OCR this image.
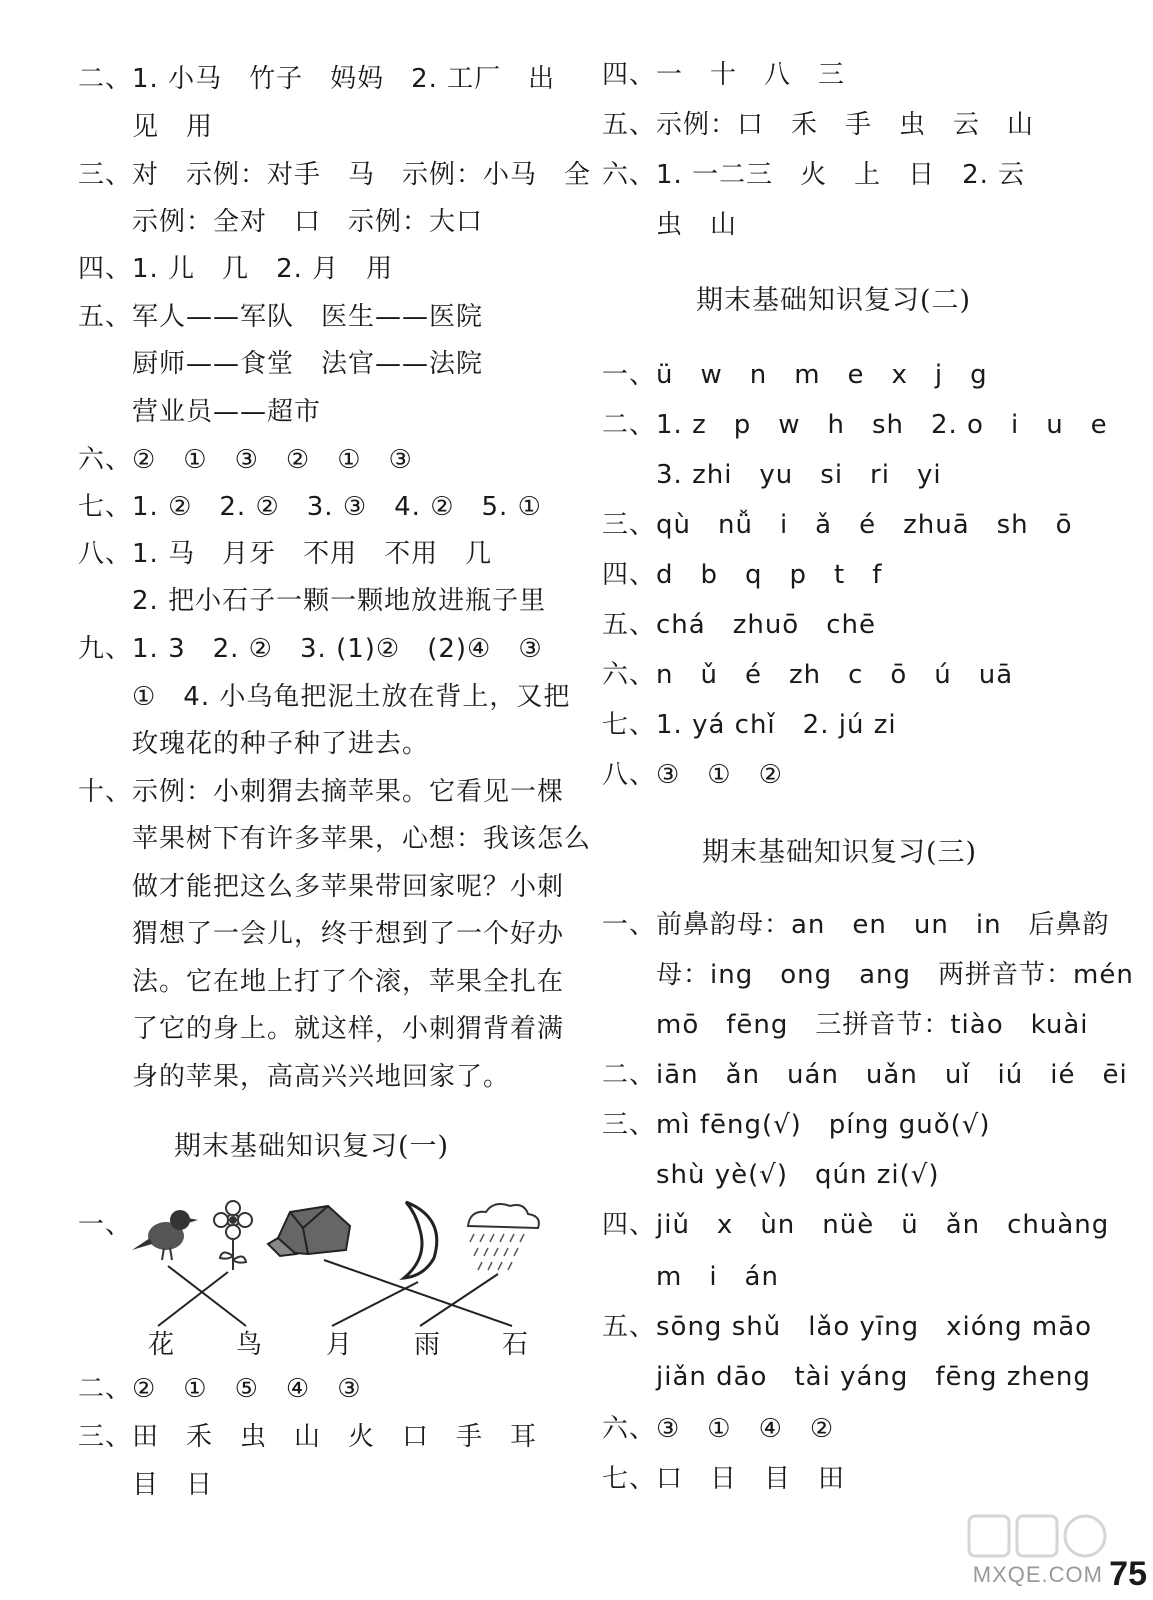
二、1. 小马　竹子　妈妈　2. 工厂　出
　　见　用
三、对　示例：对手　马　示例：小马　全
　　示例：全对　口　示例：大口
四、1. 儿　几　2. 月　用
五、军人——军队　医生——医院
　　厨师——食堂　法官——法院
　　营业员——超市
六、②　①　③　②　①　③
七、1. ②　2. ②　3. ③　4. ②　5. ①
八、1. 马　月牙　不用　不用　几
　　2. 把小石子一颗一颗地放进瓶子里
九、1. 3　2. ②　3. (1)②　(2)④　③
　　①　4. 小乌龟把泥土放在背上，又把
　　玫瑰花的种子种了进去。
十、示例：小刺猬去摘苹果。它看见一棵
　　苹果树下有许多苹果，心想：我该怎么
　　做才能把这么多苹果带回家呢？小刺
　　猬想了一会儿，终于想到了一个好办
　　法。它在地上打了个滚，苹果全扎在
　　了它的身上。就这样，小刺猬背着满
　　身的苹果，高高兴兴地回家了。
期末基础知识复习(一)
一、
花 鸟 月 雨 石
二、②　①　⑤　④　③
三、田　禾　虫　山　火　口　手　耳
　　目　日
四、一　十　八　三
五、示例：口　禾　手　虫　云　山
六、1. 一二三　火　上　日　2. 云
　　虫　山
期末基础知识复习(二)
一、ü　w　n　m　e　x　j　g
二、1. z　p　w　h　sh　2. o　i　u　e
　　3. zhi　yu　si　ri　yi
三、qù　nǚ　i　ǎ　é　zhuā　sh　ō
四、d　b　q　p　t　f
五、chá　zhuō　chē
六、n　ǔ　é　zh　c　ō　ú　uā
七、1. yá chǐ　2. jú zi
八、③　①　②
期末基础知识复习(三)
一、前鼻韵母：an　en　un　in　后鼻韵
　　母：ing　ong　ang　两拼音节：mén
　　mō　fēng　三拼音节：tiào　kuài
二、iān　ǎn　uán　uǎn　uǐ　iú　ié　ēi
三、mì fēng(√)　píng guǒ(√)
　　shù yè(√)　qún zi(√)
四、jiǔ　x　ùn　nüè　ü　ǎn　chuàng
　　m　i　án
五、sōng shǔ　lǎo yīng　xióng māo
　　jiǎn dāo　tài yáng　fēng zheng
六、③　①　④　②
七、口　日　目　田
MXQE.COM 75
